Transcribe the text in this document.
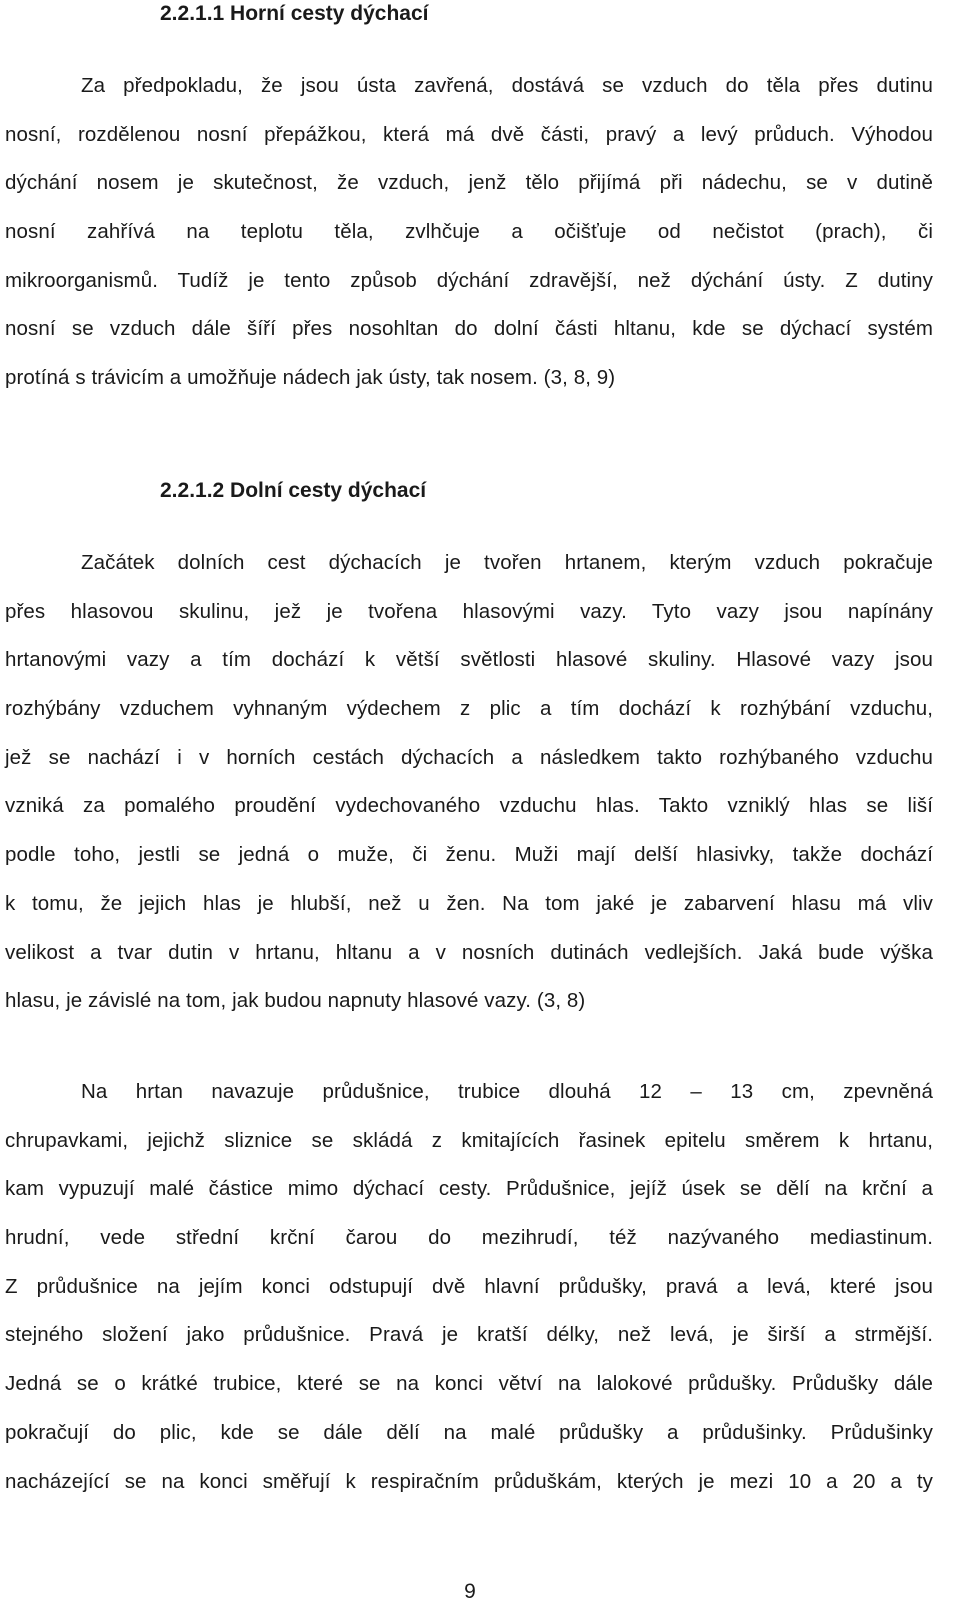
2.2.1.1 Horní cesty dýchací

Za předpokladu, že jsou ústa zavřená, dostává se vzduch do těla přes dutinu
nosní, rozdělenou nosní přepážkou, která má dvě části, pravý a levý průduch. Výhodou
dýchání nosem je skutečnost, že vzduch, jenž tělo přijímá při nádechu, se v dutině
nosní zahřívá na teplotu těla, zvlhčuje a očišťuje od nečistot (prach), či
mikroorganismů. Tudíž je tento způsob dýchání zdravější, než dýchání ústy. Z dutiny
nosní se vzduch dále šíří přes nosohltan do dolní části hltanu, kde se dýchací systém
protíná s trávicím a umožňuje nádech jak ústy, tak nosem. (3, 8, 9)

2.2.1.2 Dolní cesty dýchací

Začátek dolních cest dýchacích je tvořen hrtanem, kterým vzduch pokračuje
přes hlasovou skulinu, jež je tvořena hlasovými vazy. Tyto vazy jsou napínány
hrtanovými vazy a tím dochází k větší světlosti hlasové skuliny. Hlasové vazy jsou
rozhýbány vzduchem vyhnaným výdechem z plic a tím dochází k rozhýbání vzduchu,
jež se nachází i v horních cestách dýchacích a následkem takto rozhýbaného vzduchu
vzniká za pomalého proudění vydechovaného vzduchu hlas. Takto vzniklý hlas se liší
podle toho, jestli se jedná o muže, či ženu. Muži mají delší hlasivky, takže dochází
k tomu, že jejich hlas je hlubší, než u žen. Na tom jaké je zabarvení hlasu má vliv
velikost a tvar dutin v hrtanu, hltanu a v nosních dutinách vedlejších. Jaká bude výška
hlasu, je závislé na tom, jak budou napnuty hlasové vazy. (3, 8)

Na hrtan navazuje průdušnice, trubice dlouhá 12 – 13 cm, zpevněná
chrupavkami, jejichž sliznice se skládá z kmitajících řasinek epitelu směrem k hrtanu,
kam vypuzují malé částice mimo dýchací cesty. Průdušnice, jejíž úsek se dělí na krční a
hrudní, vede střední krční čarou do mezihrudí, též nazývaného mediastinum.
Z průdušnice na jejím konci odstupují dvě hlavní průdušky, pravá a levá, které jsou
stejného složení jako průdušnice. Pravá je kratší délky, než levá, je širší a strmější.
Jedná se o krátké trubice, které se na konci větví na lalokové průdušky. Průdušky dále
pokračují do plic, kde se dále dělí na malé průdušky a průdušinky. Průdušinky
nacházející se na konci směřují k respiračním průduškám, kterých je mezi 10 a 20 a ty

9
